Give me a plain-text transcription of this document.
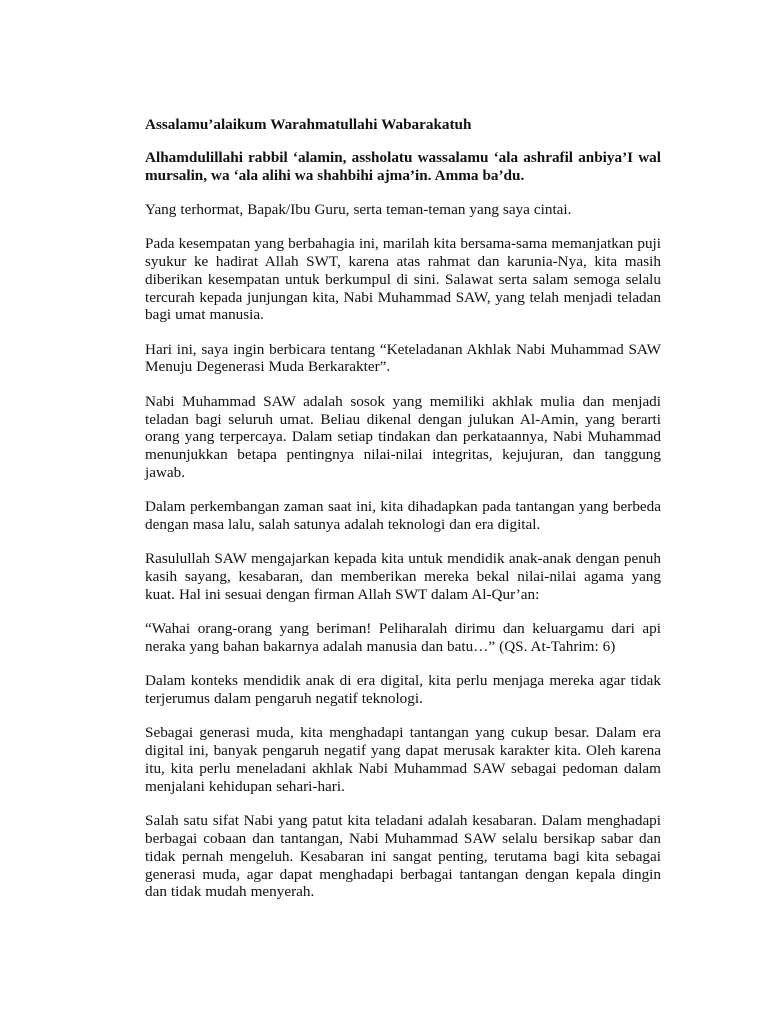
Assalamu’alaikum Warahmatullahi Wabarakatuh

Alhamdulillahi rabbil ‘alamin, assholatu wassalamu ‘ala ashrafil anbiya’I wal mursalin, wa ‘ala alihi wa shahbihi ajma’in. Amma ba’du.

Yang terhormat, Bapak/Ibu Guru, serta teman-teman yang saya cintai.

Pada kesempatan yang berbahagia ini, marilah kita bersama-sama memanjatkan puji syukur ke hadirat Allah SWT, karena atas rahmat dan karunia-Nya, kita masih diberikan kesempatan untuk berkumpul di sini. Salawat serta salam semoga selalu tercurah kepada junjungan kita, Nabi Muhammad SAW, yang telah menjadi teladan bagi umat manusia.

Hari ini, saya ingin berbicara tentang “Keteladanan Akhlak Nabi Muhammad SAW Menuju Degenerasi Muda Berkarakter”.

Nabi Muhammad SAW adalah sosok yang memiliki akhlak mulia dan menjadi teladan bagi seluruh umat. Beliau dikenal dengan julukan Al-Amin, yang berarti orang yang terpercaya. Dalam setiap tindakan dan perkataannya, Nabi Muhammad menunjukkan betapa pentingnya nilai-nilai integritas, kejujuran, dan tanggung jawab.

Dalam perkembangan zaman saat ini, kita dihadapkan pada tantangan yang berbeda dengan masa lalu, salah satunya adalah teknologi dan era digital.

Rasulullah SAW mengajarkan kepada kita untuk mendidik anak-anak dengan penuh kasih sayang, kesabaran, dan memberikan mereka bekal nilai-nilai agama yang kuat. Hal ini sesuai dengan firman Allah SWT dalam Al-Qur’an:

“Wahai orang-orang yang beriman! Peliharalah dirimu dan keluargamu dari api neraka yang bahan bakarnya adalah manusia dan batu…” (QS. At-Tahrim: 6)

Dalam konteks mendidik anak di era digital, kita perlu menjaga mereka agar tidak terjerumus dalam pengaruh negatif teknologi.

Sebagai generasi muda, kita menghadapi tantangan yang cukup besar. Dalam era digital ini, banyak pengaruh negatif yang dapat merusak karakter kita. Oleh karena itu, kita perlu meneladani akhlak Nabi Muhammad SAW sebagai pedoman dalam menjalani kehidupan sehari-hari.

Salah satu sifat Nabi yang patut kita teladani adalah kesabaran. Dalam menghadapi berbagai cobaan dan tantangan, Nabi Muhammad SAW selalu bersikap sabar dan tidak pernah mengeluh. Kesabaran ini sangat penting, terutama bagi kita sebagai generasi muda, agar dapat menghadapi berbagai tantangan dengan kepala dingin dan tidak mudah menyerah.
